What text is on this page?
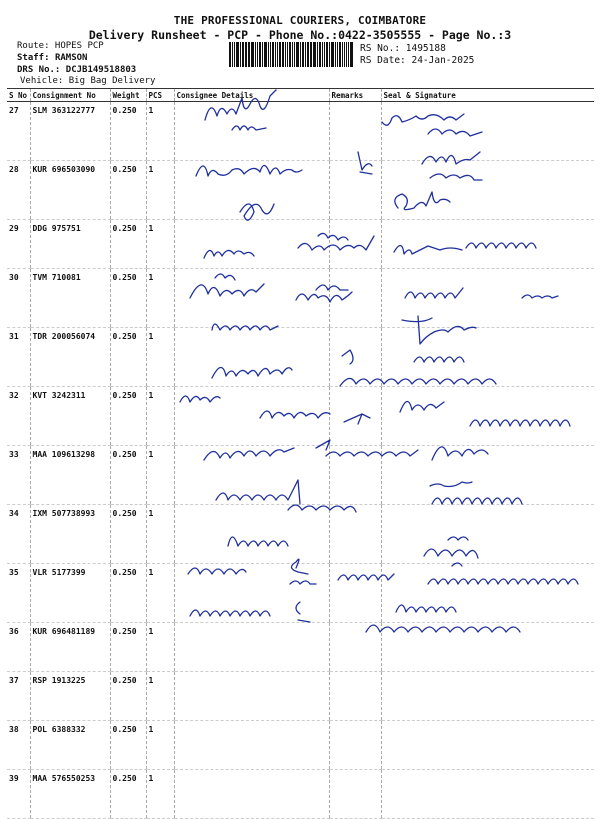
THE PROFESSIONAL COURIERS, COIMBATORE
Delivery Runsheet - PCP - Phone No.:0422-3505555 - Page No.:3
Route: HOPES PCP
Staff: RAMSON
DRS No.: DCJB149518803
Vehicle: Big Bag Delivery
RS No.: 1495188
RS Date: 24-Jan-2025
S No	Consignment No	Weight	PCS	Consignee Details	Remarks	Seal & Signature
27	SLM 363122777	0.250	1			
28	KUR 696503090	0.250	1			
29	DDG 975751	0.250	1			
30	TVM 710081	0.250	1			
31	TDR 200056074	0.250	1			
32	KVT 3242311	0.250	1			
33	MAA 109613298	0.250	1			
34	IXM 507738993	0.250	1			
35	VLR 5177399	0.250	1			
36	KUR 696481189	0.250	1			
37	RSP 1913225	0.250	1			
38	POL 6388332	0.250	1			
39	MAA 576550253	0.250	1			
